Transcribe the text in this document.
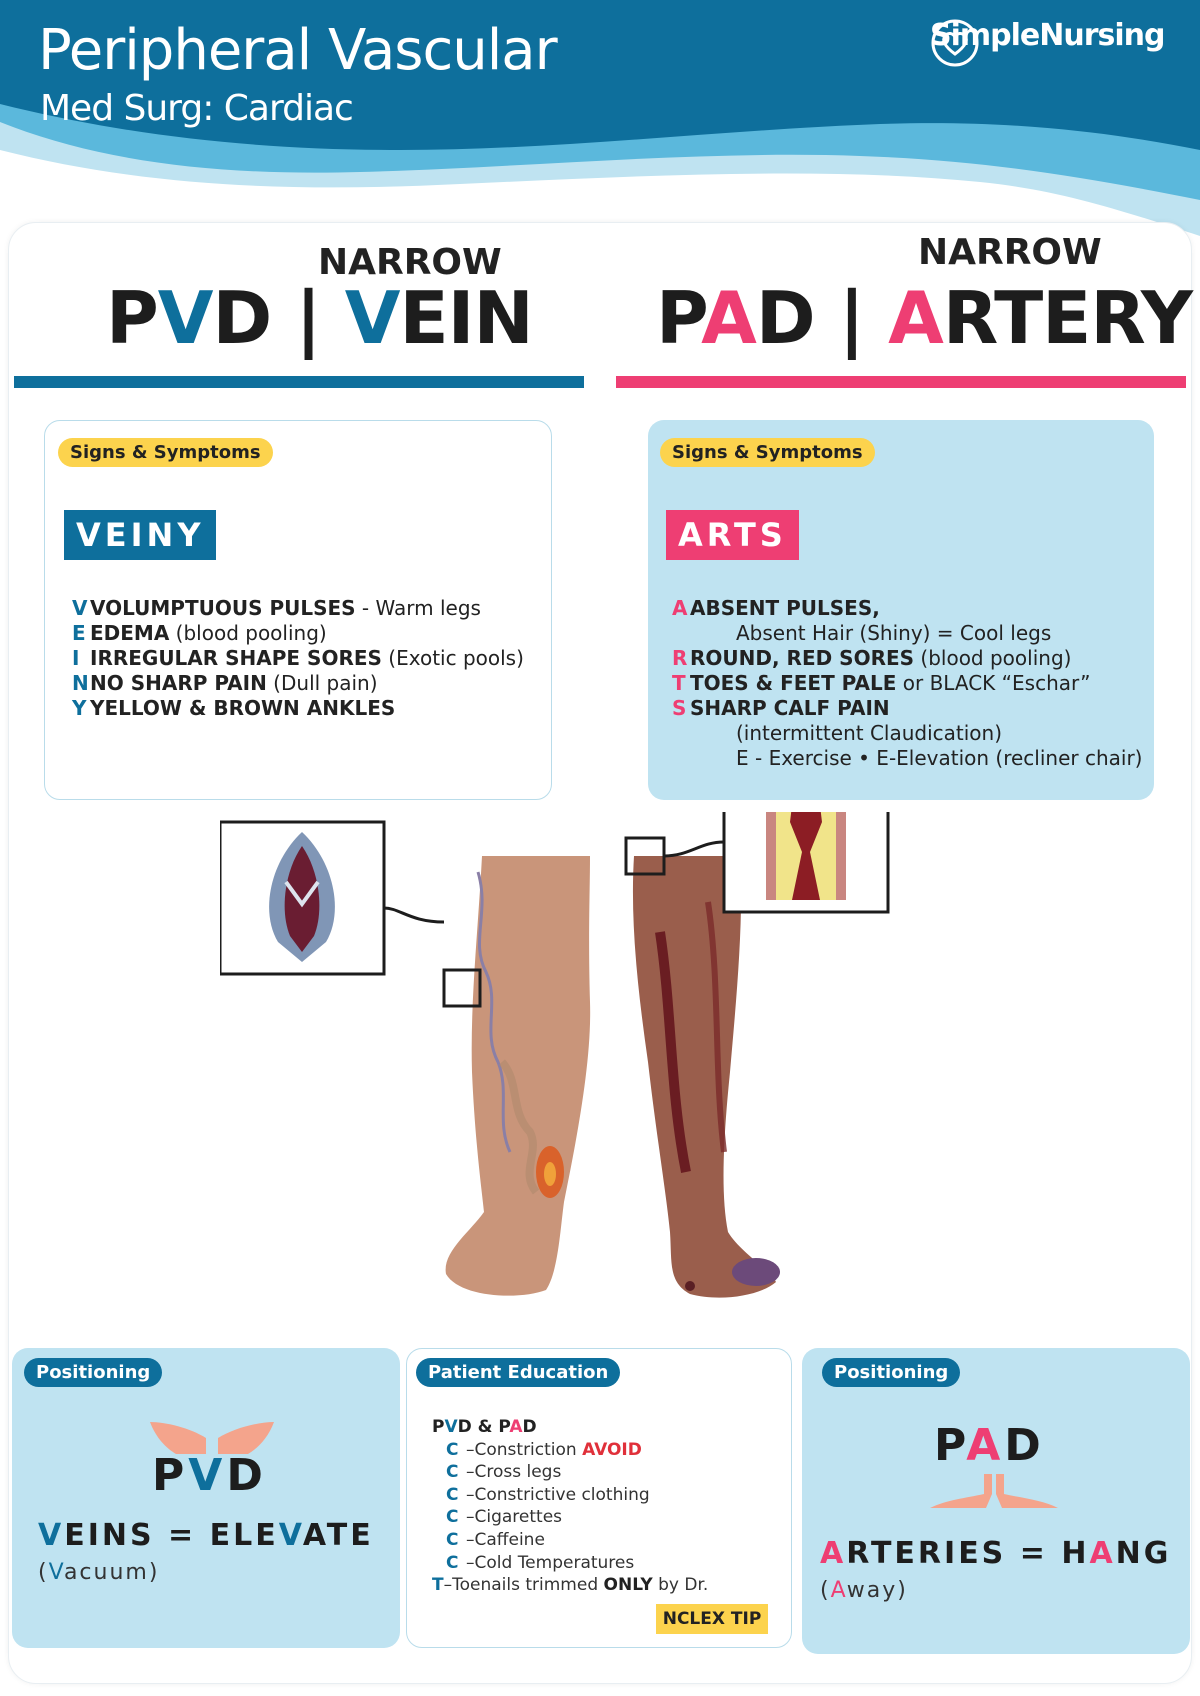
Peripheral Vascular
Med Surg: Cardiac
SimpleNursing
NARROW
PVD | VEIN
NARROW
PAD | ARTERY
Signs & Symptoms
VEINY
V VOLUMPTUOUS PULSES - Warm legs
E EDEMA (blood pooling)
I IRREGULAR SHAPE SORES (Exotic pools)
NNO SHARP PAIN (Dull pain)
Y YELLOW & BROWN ANKLES
Signs & Symptoms
ARTS
A ABSENT PULSES,
Absent Hair (Shiny) = Cool legs
R ROUND, RED SORES (blood pooling)
T TOES & FEET PALE or BLACK “Eschar”
S SHARP CALF PAIN
(intermittent Claudication)
E - Exercise • E-Elevation (recliner chair)
Positioning
PVD
VEINS = ELEVATE
(Vacuum)
Patient Education
PVD & PAD
C –Constriction AVOID
C –Cross legs
C –Constrictive clothing
C –Cigarettes
C –Caffeine
C –Cold Temperatures
T–Toenails trimmed ONLY by Dr.
NCLEX TIP
Positioning
PAD
ARTERIES = HANG
(Away)
